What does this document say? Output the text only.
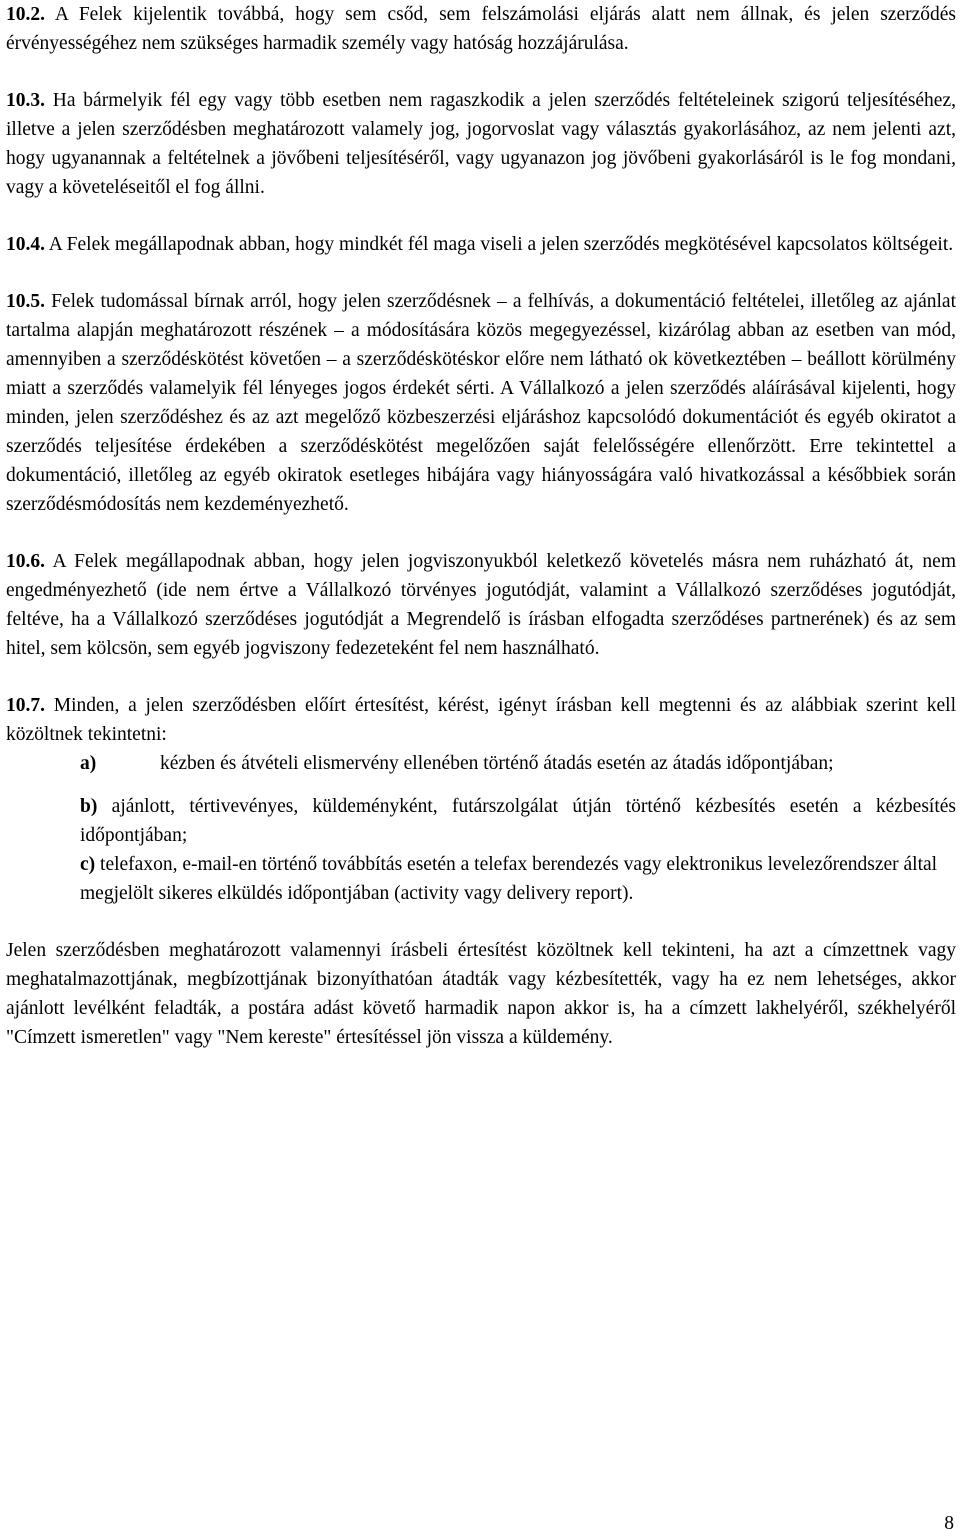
10.2. A Felek kijelentik továbbá, hogy sem csőd, sem felszámolási eljárás alatt nem állnak, és jelen szerződés érvényességéhez nem szükséges harmadik személy vagy hatóság hozzájárulása.

10.3. Ha bármelyik fél egy vagy több esetben nem ragaszkodik a jelen szerződés feltételeinek szigorú teljesítéséhez, illetve a jelen szerződésben meghatározott valamely jog, jogorvoslat vagy választás gyakorlásához, az nem jelenti azt, hogy ugyanannak a feltételnek a jövőbeni teljesítéséről, vagy ugyanazon jog jövőbeni gyakorlásáról is le fog mondani, vagy a követeléseitől el fog állni.

10.4. A Felek megállapodnak abban, hogy mindkét fél maga viseli a jelen szerződés megkötésével kapcsolatos költségeit.

10.5. Felek tudomással bírnak arról, hogy jelen szerződésnek – a felhívás, a dokumentáció feltételei, illetőleg az ajánlat tartalma alapján meghatározott részének – a módosítására közös megegyezéssel, kizárólag abban az esetben van mód, amennyiben a szerződéskötést követően – a szerződéskötéskor előre nem látható ok következtében – beállott körülmény miatt a szerződés valamelyik fél lényeges jogos érdekét sérti. A Vállalkozó a jelen szerződés aláírásával kijelenti, hogy minden, jelen szerződéshez és az azt megelőző közbeszerzési eljáráshoz kapcsolódó dokumentációt és egyéb okiratot a szerződés teljesítése érdekében a szerződéskötést megelőzően saját felelősségére ellenőrzött. Erre tekintettel a dokumentáció, illetőleg az egyéb okiratok esetleges hibájára vagy hiányosságára való hivatkozással a későbbiek során szerződésmódosítás nem kezdeményezhető.

10.6. A Felek megállapodnak abban, hogy jelen jogviszonyukból keletkező követelés másra nem ruházható át, nem engedményezhető (ide nem értve a Vállalkozó törvényes jogutódját, valamint a Vállalkozó szerződéses jogutódját, feltéve, ha a Vállalkozó szerződéses jogutódját a Megrendelő is írásban elfogadta szerződéses partnerének) és az sem hitel, sem kölcsön, sem egyéb jogviszony fedezeteként fel nem használható.

10.7. Minden, a jelen szerződésben előírt értesítést, kérést, igényt írásban kell megtenni és az alábbiak szerint kell közöltnek tekintetni:

a)	kézben és átvételi elismervény ellenében történő átadás esetén az átadás időpontjában;

b) ajánlott, tértivevényes, küldeményként, futárszolgálat útján történő kézbesítés esetén a kézbesítés időpontjában;

c) telefaxon, e-mail-en történő továbbítás esetén a telefax berendezés vagy elektronikus levelezőrendszer által megjelölt sikeres elküldés időpontjában (activity vagy delivery report).

Jelen szerződésben meghatározott valamennyi írásbeli értesítést közöltnek kell tekinteni, ha azt a címzettnek vagy meghatalmazottjának, megbízottjának bizonyíthatóan átadták vagy kézbesítették, vagy ha ez nem lehetséges, akkor ajánlott levélként feladták, a postára adást követő harmadik napon akkor is, ha a címzett lakhelyéről, székhelyéről "Címzett ismeretlen" vagy "Nem kereste" értesítéssel jön vissza a küldemény.

8
